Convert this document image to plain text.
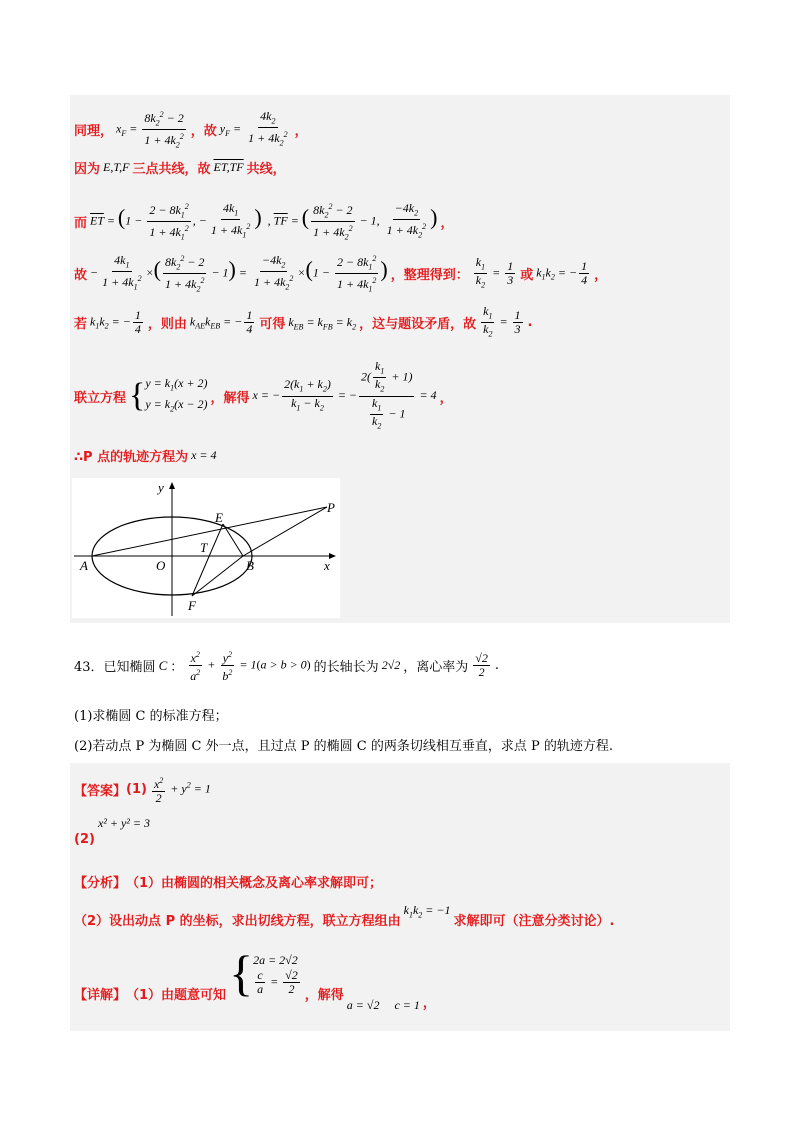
同理， $x_F = \frac{8k_2^2 - 2}{1 + 4k_2^2}$ ，故 $y_F = \frac{4k_2}{1 + 4k_2^2}$ ，
因为 E,T,F 三点共线，故 ET,TF 共线，
而 $\overline{ET} = (1 - \frac{2 - 8k_1^2}{1 + 4k_1^2}$ , − $\frac{4k_1}{1 + 4k_1^2}$ ) , $\overline{TF}$ = ( $\frac{8k_2^2 - 2}{1 + 4k_2^2} - 1$, $\frac{-4k_2}{1 + 4k_2^2}$ ) ，
故 − $\frac{4k_1}{1 + 4k_1^2}$ ×( $\frac{8k_2^2 - 2}{1 + 4k_2^2} - 1) = \frac{-4k_2}{1 + 4k_2^2} \times(1 - \frac{2 - 8k_1^2}{1 + 4k_1^2}$ ) ，整理得到： $\frac{k_1}{k_2} = \frac{1}{3}$ 或 $k_1k_2$ = − $\frac{1}{4}$ ，
若 $k_1k_2$ = − $\frac{1}{4}$ ，则由 $k_{AE}k_{EB}$ = − $\frac{1}{4}$ 可得 $k_{EB} = k_{FB} = k_2$ ，这与题设矛盾，故 $\frac{k_1}{k_2} = \frac{1}{3}$ .
联立方程 { $y = k_1(x + 2)$
$y = k_2(x - 2)$ ，解得 x = − $\frac{2(k_1 + k_2)}{k_1 - k_2}$ = − $\frac{2( \frac{k_1}{k_2} + 1)}{\frac{k_1}{k_2} - 1} = 4$ ，
∴P 点的轨迹方程为 x = 4
y
x
A	O	B
E
T
F
P
43． 已知椭圆 C ： $\frac{x^2}{a^2} + \frac{y^2}{b^2} = 1(a > b > 0)$ 的长轴长为 2√2 ，离心率为 $\frac{√2}{2}$ .
(1)求椭圆 C 的标准方程；
(2)若动点 P 为椭圆 C 外一点，且过点 P 的椭圆 C 的两条切线相互垂直，求点 P 的轨迹方程.
【答案】 $(1) \frac{x^2}{2} + y^2 = 1$
(2)
x² + y² = 3
【分析】 （1）由椭圆的相关概念及离心率求解即可；
（2）设出动点 P 的坐标，求出切线方程，联立方程组由
$k_1k_2 = -1$
求解即可（注意分类讨论）.
【详解】 （1）由题意可知 { 2a = 2√2
$\frac{c}{a} = \frac{√2}{2}$ ，解得
a = √2 c = 1 ，
